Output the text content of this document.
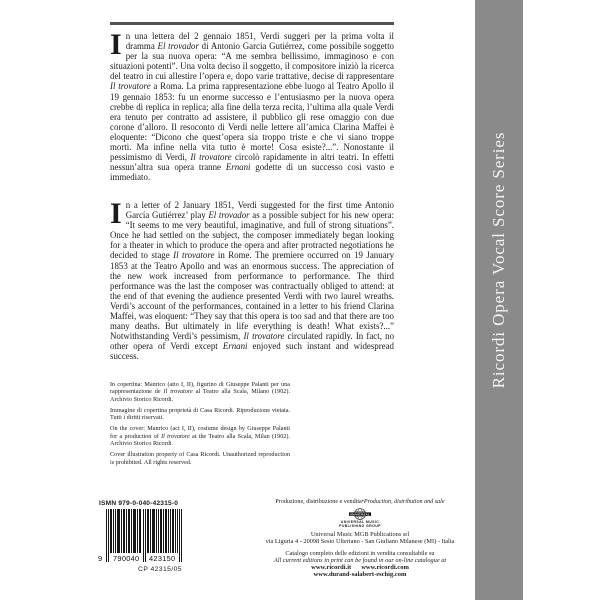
In una lettera del 2 gennaio 1851, Verdi suggerì per la prima volta il dramma El trovador di Antonio García Gutiérrez, come possibile soggetto per la sua nuova opera: “A me sembra bellissimo, immaginoso e con situazioni potenti”. Una volta deciso il soggetto, il compositore iniziò la ricerca del teatro in cui allestire l’opera e, dopo varie trattative, decise di rappresentare Il trovatore a Roma. La prima rappresentazione ebbe luogo al Teatro Apollo il 19 gennaio 1853: fu un enorme successo e l’entusiasmo per la nuova opera crebbe di replica in replica; alla fine della terza recita, l’ultima alla quale Verdi era tenuto per contratto ad assistere, il pubblico gli rese omaggio con due corone d’alloro. Il resoconto di Verdi nelle lettere all’amica Clarina Maffei è eloquente: “Dicono che quest’opera sia troppo triste e che vi siano troppe morti. Ma infine nella vita tutto è morte! Cosa esiste?...”. Nonostante il pessimismo di Verdi, Il trovatore circolò rapidamente in altri teatri. In effetti nessun’altra sua opera tranne Ernani godette di un successo così vasto e immediato.
In a letter of 2 January 1851, Verdi suggested for the first time Antonio García Gutiérrez’ play El trovador as a possible subject for his new opera: “It seems to me very beautiful, imaginative, and full of strong situations”. Once he had settled on the subject, the composer immediately began looking for a theater in which to produce the opera and after protracted negotiations he decided to stage Il trovatore in Rome. The premiere occurred on 19 January 1853 at the Teatro Apollo and was an enormous success. The appreciation of the new work increased from performance to performance. The third performance was the last the composer was contractually obliged to attend: at the end of that evening the audience presented Verdi with two laurel wreaths. Verdi’s account of the performances, contained in a letter to his friend Clarina Maffei, was eloquent: “They say that this opera is too sad and that there are too many deaths. But ultimately in life everything is death! What exists?...” Notwithstanding Verdi’s pessimism, Il trovatore circulated rapidly. In fact, no other opera of Verdi except Ernani enjoyed such instant and widespread success.
In copertina: Manrico (atto I, II), figurino di Giuseppe Palanti per una rappresentazione de Il trovatore al Teatro alla Scala, Milano (1902). Archivio Storico Ricordi.
Immagine di copertina proprietà di Casa Ricordi. Riproduzione vietata. Tutti i diritti riservati.
On the cover: Manrico (act I, II), costume design by Giuseppe Palanti for a production of Il trovatore at the Teatro alla Scala, Milan (1902). Archivio Storico Ricordi.
Cover illustration property of Casa Ricordi. Unauthorized reproduction is prohibited. All rights reserved.
ISMN 979-0-040-42315-0
9 790040 423150
CP 42315/05
Produzione, distribuzione e vendita•Production, distribution and sale
UNIVERSAL
UNIVERSAL MUSIC
PUBLISHING GROUP
Universal Music MGB Publications srl
via Liguria 4 - 20098 Sesto Ulteriano - San Giuliano Milanese (MI) - Italia
Catalogo completo delle edizioni in vendita consultabile su
All current editions in print can be found in our on-line catalogue at
www.ricordi.it www.ricordi.com
www.durand-salabert-eschig.com
Ricordi Opera Vocal Score Series
